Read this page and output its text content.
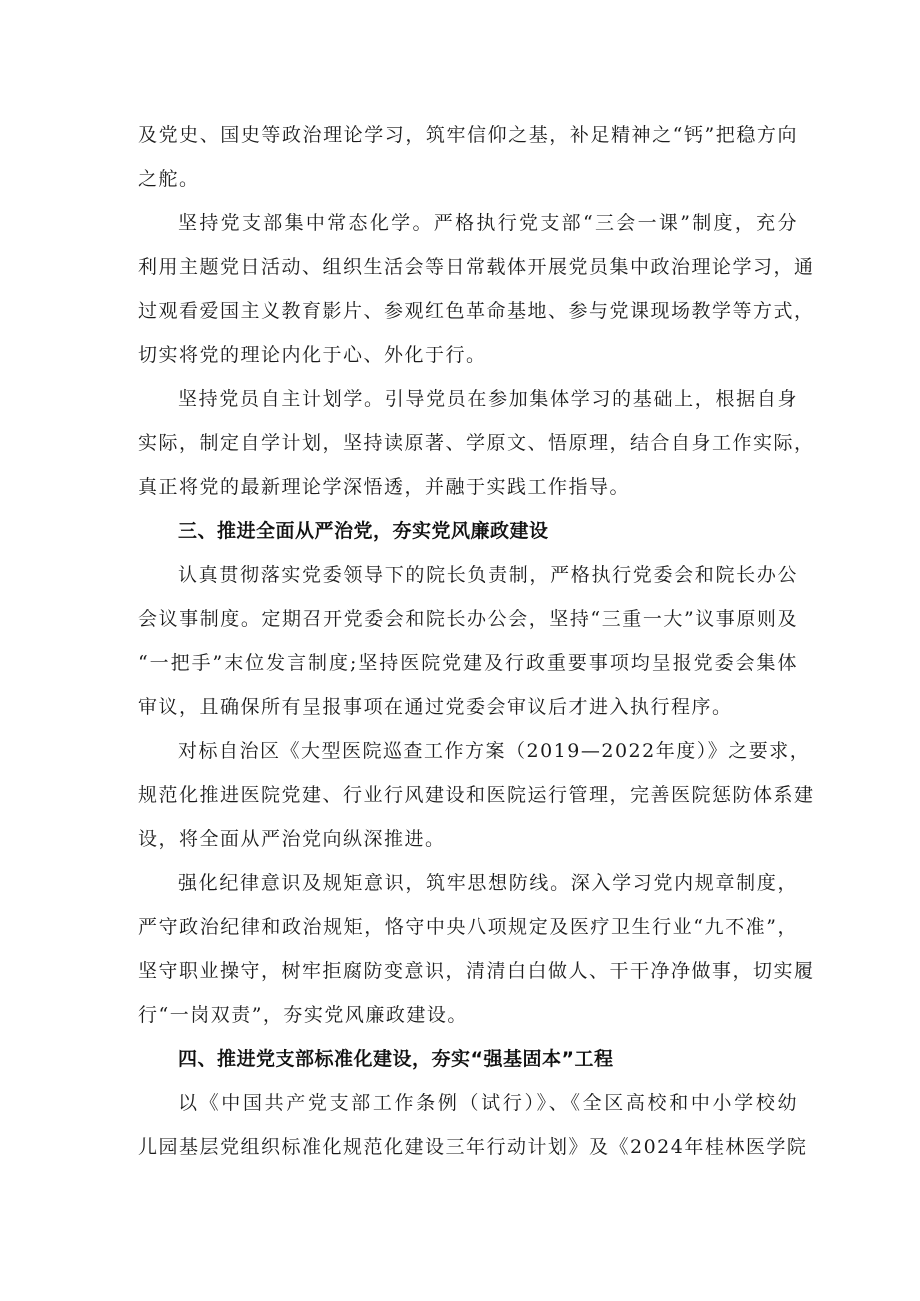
及党史、国史等政治理论学习，筑牢信仰之基，补足精神之“钙”把稳方向
之舵。
坚持党支部集中常态化学。严格执行党支部“三会一课”制度，充分
利用主题党日活动、组织生活会等日常载体开展党员集中政治理论学习，通
过观看爱国主义教育影片、参观红色革命基地、参与党课现场教学等方式，
切实将党的理论内化于心、外化于行。
坚持党员自主计划学。引导党员在参加集体学习的基础上，根据自身
实际，制定自学计划，坚持读原著、学原文、悟原理，结合自身工作实际，
真正将党的最新理论学深悟透，并融于实践工作指导。
三、推进全面从严治党，夯实党风廉政建设
认真贯彻落实党委领导下的院长负责制，严格执行党委会和院长办公
会议事制度。定期召开党委会和院长办公会，坚持“三重一大”议事原则及
“一把手”末位发言制度;坚持医院党建及行政重要事项均呈报党委会集体
审议，且确保所有呈报事项在通过党委会审议后才进入执行程序。
对标自治区《大型医院巡查工作方案（2019—2022年度）》之要求，
规范化推进医院党建、行业行风建设和医院运行管理，完善医院惩防体系建
设，将全面从严治党向纵深推进。
强化纪律意识及规矩意识，筑牢思想防线。深入学习党内规章制度，
严守政治纪律和政治规矩，恪守中央八项规定及医疗卫生行业“九不准”，
坚守职业操守，树牢拒腐防变意识，清清白白做人、干干净净做事，切实履
行“一岗双责”，夯实党风廉政建设。
四、推进党支部标准化建设，夯实“强基固本”工程
以《中国共产党支部工作条例（试行）》、《全区高校和中小学校幼
儿园基层党组织标准化规范化建设三年行动计划》及《2024年桂林医学院
